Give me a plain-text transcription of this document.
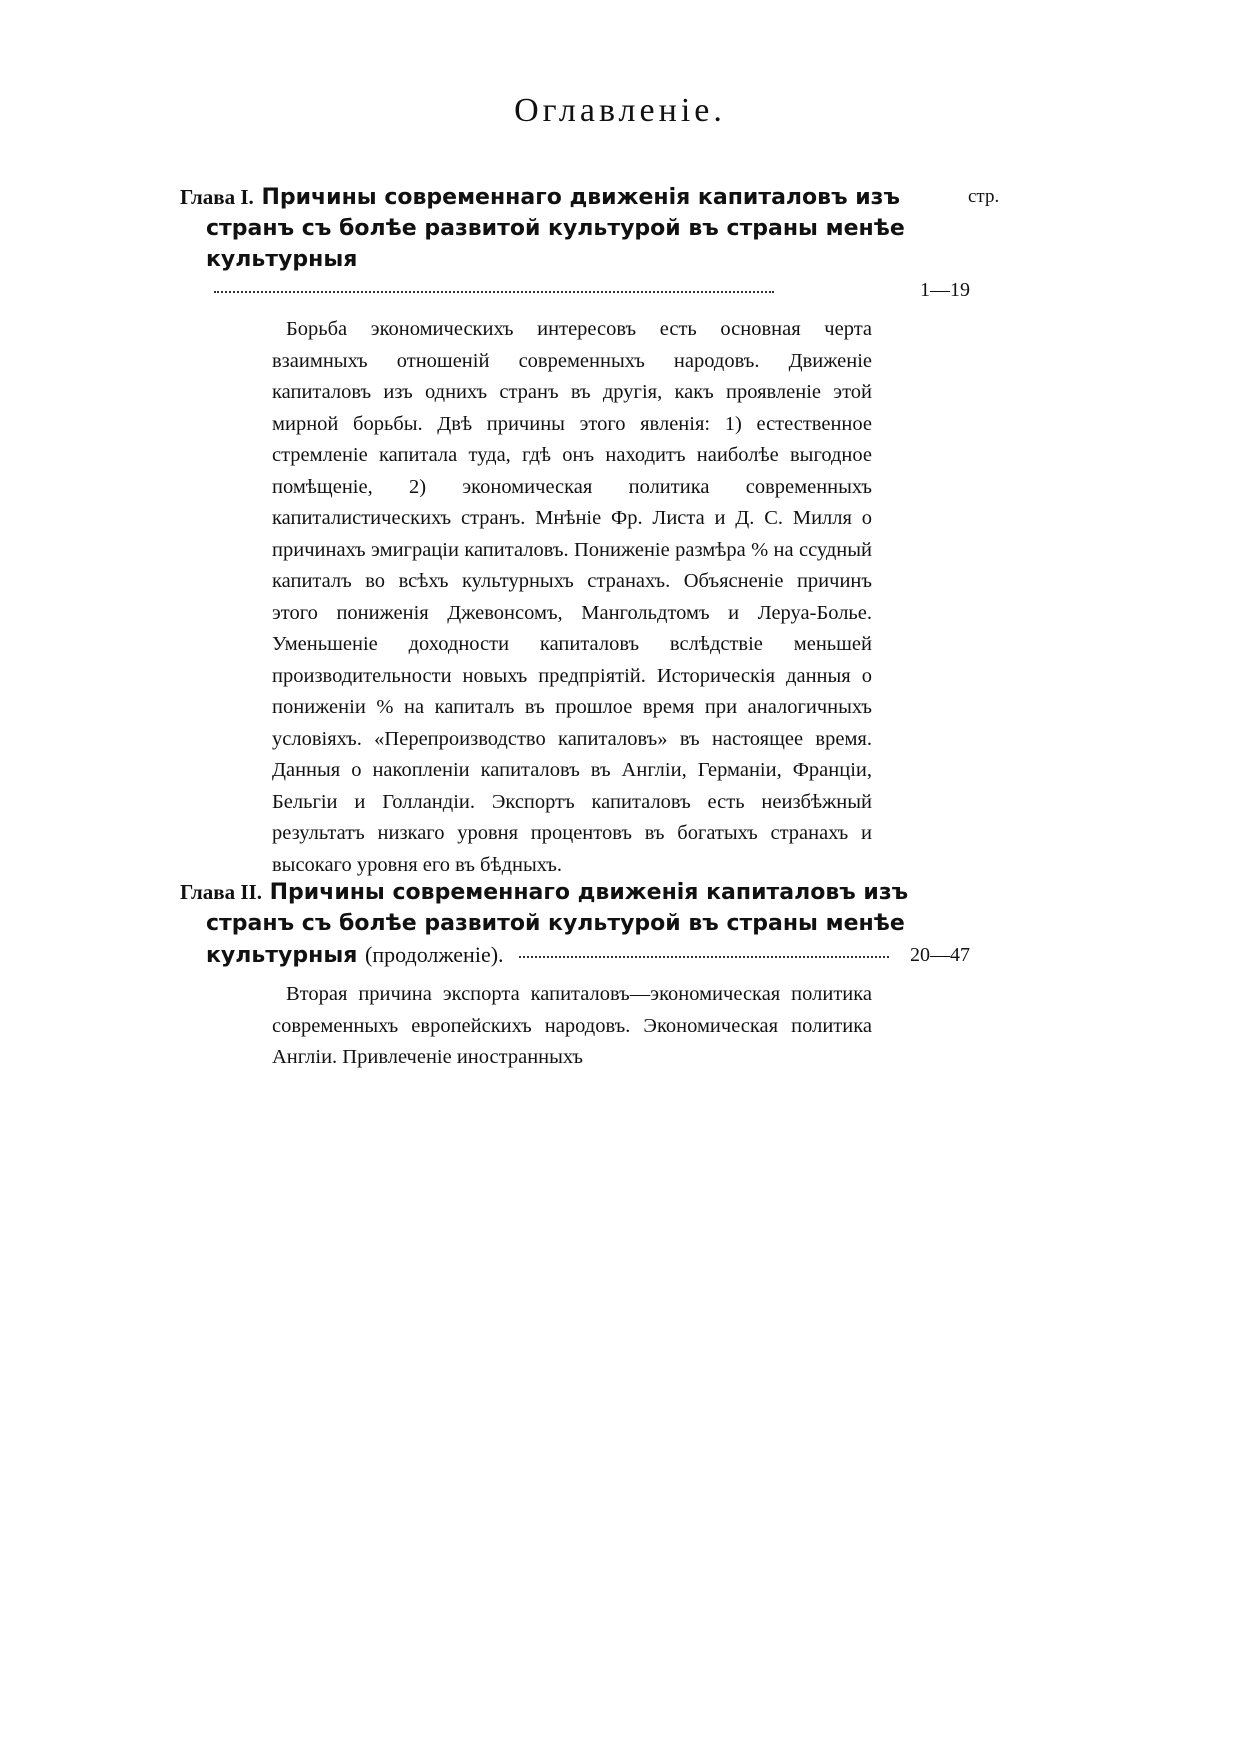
Оглавленiе.
стр.
Глава I. Причины современнаго движенiя капиталовъ изъ странъ съ болѣе развитой культурой въ страны менѣе культурныя
1—19
Борьба экономическихъ интересовъ есть основная черта взаимныхъ отношенiй современныхъ народовъ. Движенiе капиталовъ изъ однихъ странъ въ другiя, какъ проявленiе этой мирной борьбы. Двѣ причины этого явленiя: 1) естественное стремленiе капитала туда, гдѣ онъ находитъ наиболѣе выгодное помѣщенiе, 2) экономическая политика современныхъ капиталистическихъ странъ. Мнѣнiе Фр. Листа и Д. С. Милля о причинахъ эмиграцiи капиталовъ. Пониженiе размѣра % на ссудный капиталъ во всѣхъ культурныхъ странахъ. Объясненiе причинъ этого пониженiя Джевонсомъ, Мангольдтомъ и Леруа-Болье. Уменьшенiе доходности капиталовъ вслѣдствiе меньшей производительности новыхъ предпрiятiй. Историческiя данныя о пониженiи % на капиталъ въ прошлое время при аналогичныхъ условiяхъ. «Перепроизводство капиталовъ» въ настоящее время. Данныя о накопленiи капиталовъ въ Англiи, Германiи, Францiи, Бельгiи и Голландiи. Экспортъ капиталовъ есть неизбѣжный результатъ низкаго уровня процентовъ въ богатыхъ странахъ и высокаго уровня его въ бѣдныхъ.
Глава II. Причины современнаго движенiя капиталовъ изъ странъ съ болѣе развитой культурой въ страны менѣе культурныя (продолженiе).	20—47
Вторая причина экспорта капиталовъ—экономическая политика современныхъ европейскихъ народовъ. Экономическая политика Англiи. Привлеченiе иностранныхъ
